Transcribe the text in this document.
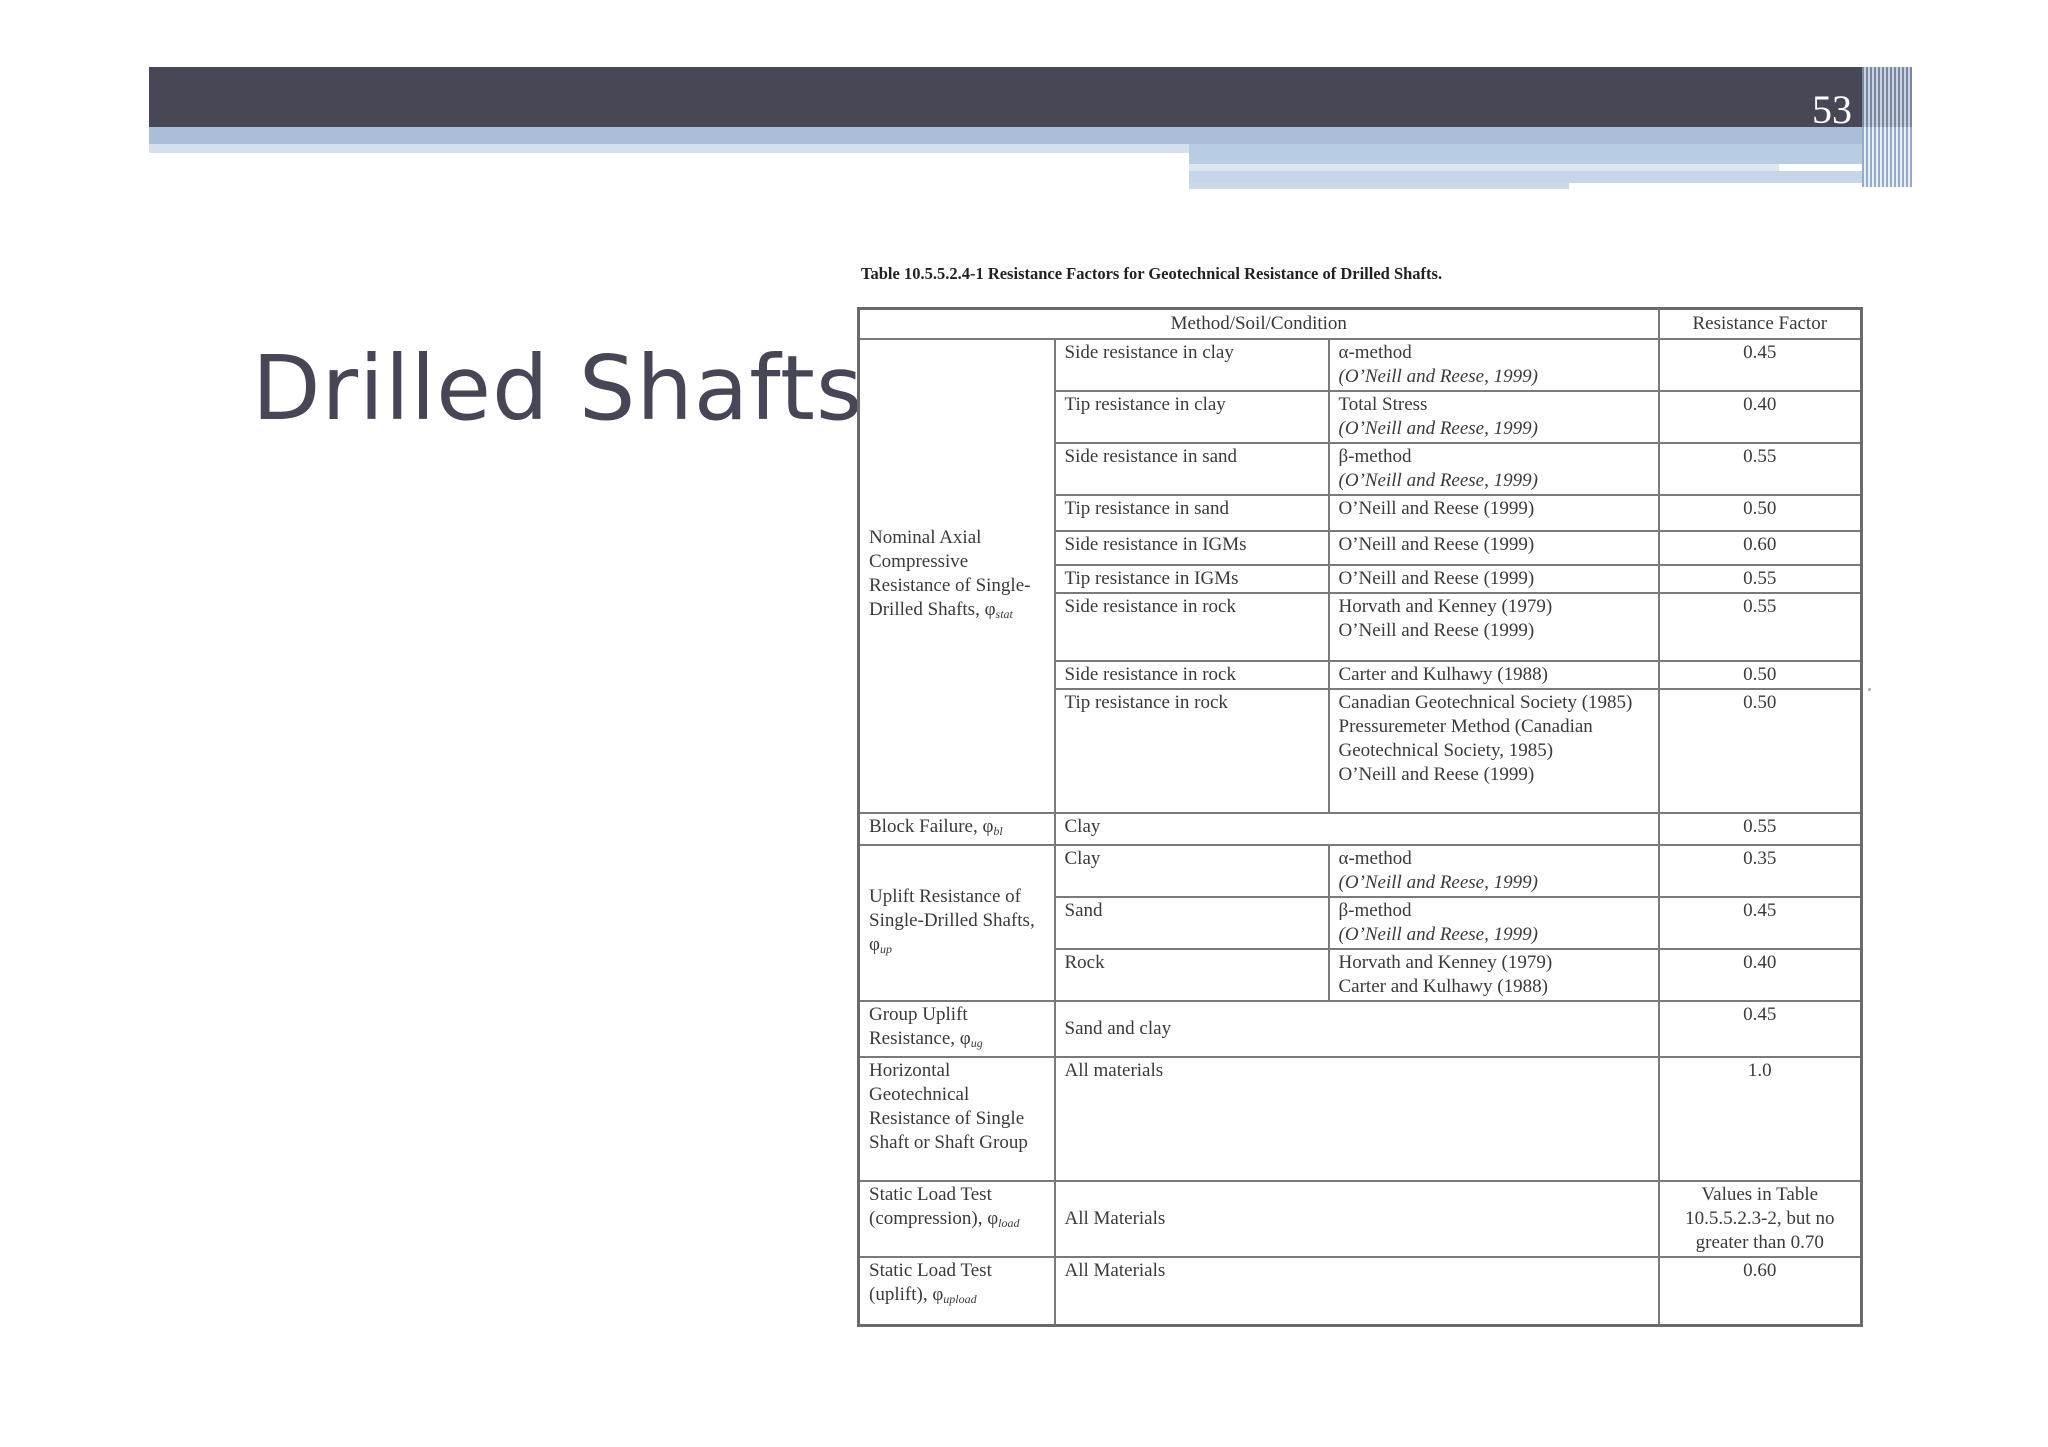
53
Drilled Shafts
Table 10.5.5.2.4-1 Resistance Factors for Geotechnical Resistance of Drilled Shafts.
Method/Soil/Condition			Resistance Factor
Nominal Axial Compressive Resistance of Single-Drilled Shafts, $\varphi_{stat}$	Side resistance in clay	α-method
(O’Neill and Reese, 1999)	0.45
	Tip resistance in clay	Total Stress
(O’Neill and Reese, 1999)	0.40
	Side resistance in sand	β-method
(O’Neill and Reese, 1999)	0.55
	Tip resistance in sand	O’Neill and Reese (1999)	0.50
	Side resistance in IGMs	O’Neill and Reese (1999)	0.60
	Tip resistance in IGMs	O’Neill and Reese (1999)	0.55
	Side resistance in rock	Horvath and Kenney (1979)
O’Neill and Reese (1999)	0.55
	Side resistance in rock	Carter and Kulhawy (1988)	0.50
	Tip resistance in rock	Canadian Geotechnical Society (1985)
Pressuremeter Method (Canadian Geotechnical Society, 1985)
O’Neill and Reese (1999)	0.50
Block Failure, $\varphi_{bl}$	Clay		0.55
Uplift Resistance of Single-Drilled Shafts, $\varphi_{up}$	Clay	α-method
(O’Neill and Reese, 1999)	0.35
	Sand	β-method
(O’Neill and Reese, 1999)	0.45
	Rock	Horvath and Kenney (1979)
Carter and Kulhawy (1988)	0.40
Group Uplift Resistance, $\varphi_{ug}$	Sand and clay		0.45
Horizontal Geotechnical Resistance of Single Shaft or Shaft Group	All materials		1.0
Static Load Test (compression), $\varphi_{load}$	All Materials		Values in Table 10.5.5.2.3-2, but no greater than 0.70
Static Load Test (uplift), $\varphi_{upload}$	All Materials		0.60
